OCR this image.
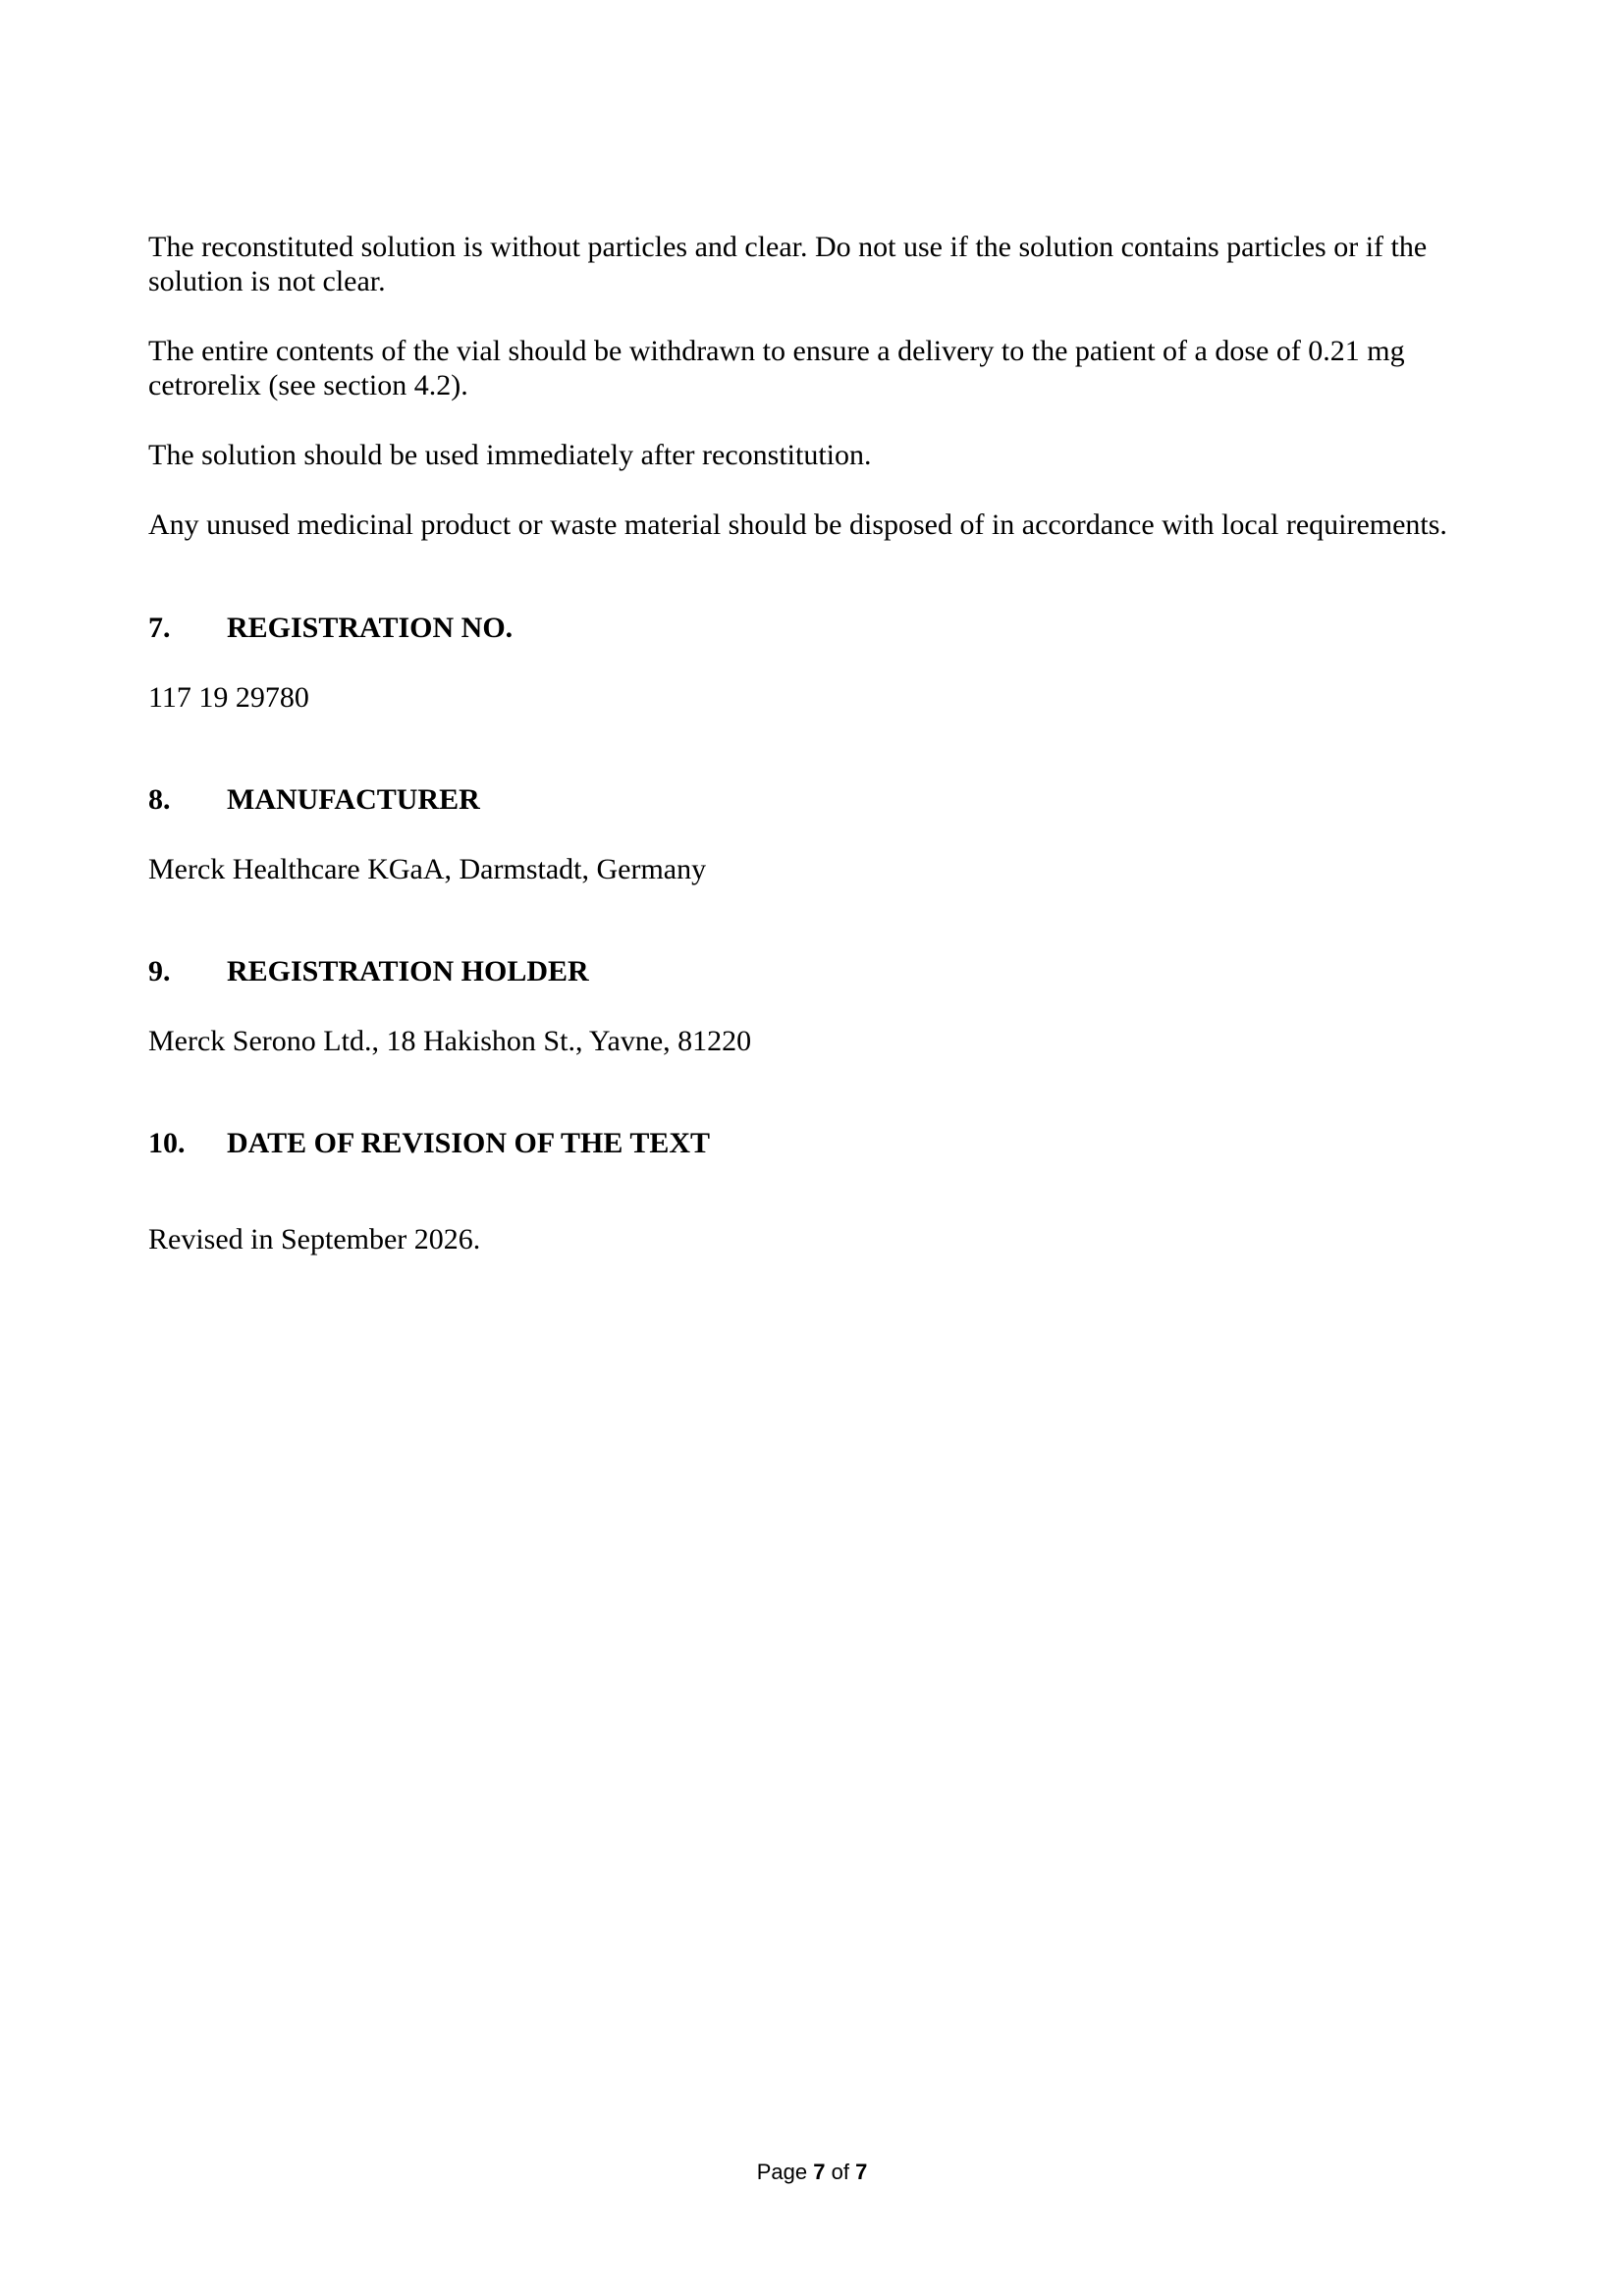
The reconstituted solution is without particles and clear. Do not use if the solution contains particles or if the solution is not clear.

The entire contents of the vial should be withdrawn to ensure a delivery to the patient of a dose of 0.21 mg cetrorelix (see section 4.2).

The solution should be used immediately after reconstitution.

Any unused medicinal product or waste material should be disposed of in accordance with local requirements.

7.	REGISTRATION NO.

117 19 29780

8.	MANUFACTURER

Merck Healthcare KGaA, Darmstadt, Germany

9.	REGISTRATION HOLDER

Merck Serono Ltd., 18 Hakishon St., Yavne, 81220

10.	DATE OF REVISION OF THE TEXT

Revised in September 2026.

Page 7 of 7
